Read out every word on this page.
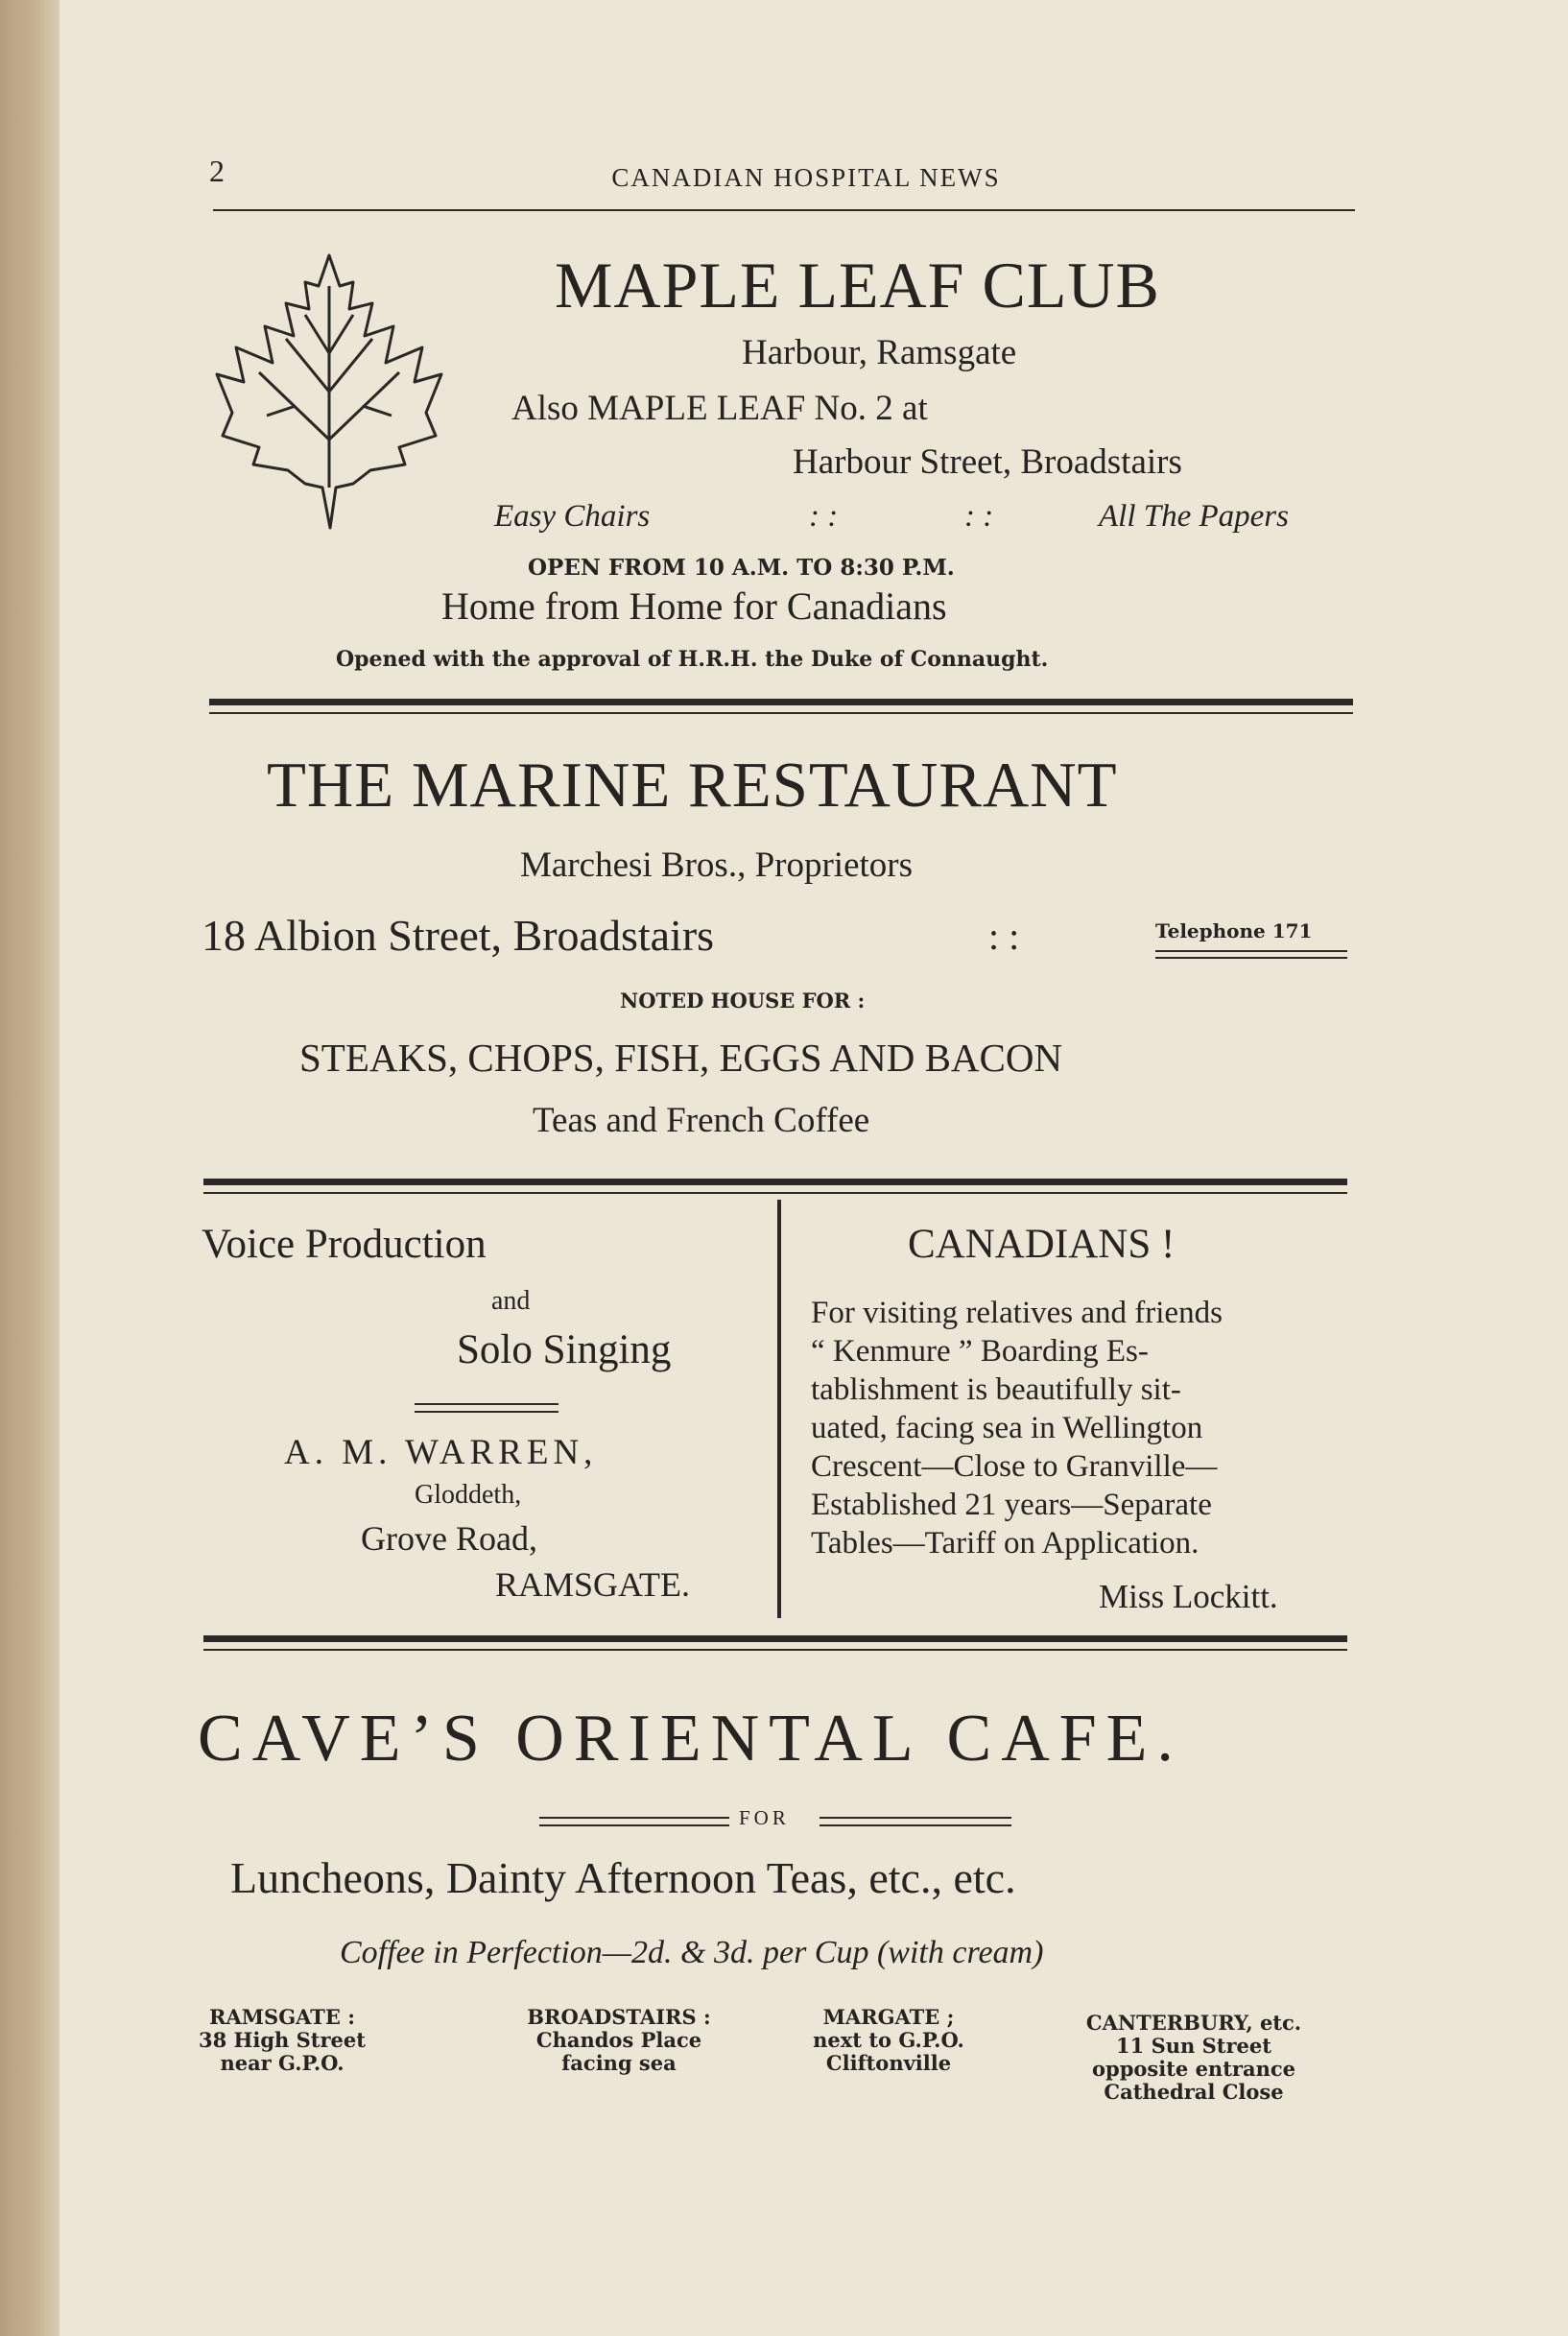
2	CANADIAN HOSPITAL NEWS
MAPLE LEAF CLUB
Harbour, Ramsgate
Also MAPLE LEAF No. 2 at
Harbour Street, Broadstairs
Easy Chairs	: :	: :	All The Papers
OPEN FROM 10 A.M. TO 8:30 P.M.
Home from Home for Canadians
Opened with the approval of H.R.H. the Duke of Connaught.
THE MARINE RESTAURANT
Marchesi Bros., Proprietors
18 Albion Street, Broadstairs	: :	Telephone 171
NOTED HOUSE FOR :
STEAKS, CHOPS, FISH, EGGS AND BACON
Teas and French Coffee
Voice Production
and
Solo Singing
A. M. WARREN,
Gloddeth,
Grove Road,
RAMSGATE.
CANADIANS !
For visiting relatives and friends
“ Kenmure ” Boarding Es-
tablishment is beautifully sit-
uated, facing sea in Wellington
Crescent—Close to Granville—
Established 21 years—Separate
Tables—Tariff on Application.
Miss Lockitt.
CAVE’S ORIENTAL CAFE.
FOR
Luncheons, Dainty Afternoon Teas, etc., etc.
Coffee in Perfection—2d. & 3d. per Cup (with cream)
RAMSGATE :
38 High Street
near G.P.O.
BROADSTAIRS :
Chandos Place
facing sea
MARGATE ;
next to G.P.O.
Cliftonville
CANTERBURY, etc.
11 Sun Street
opposite entrance
Cathedral Close
